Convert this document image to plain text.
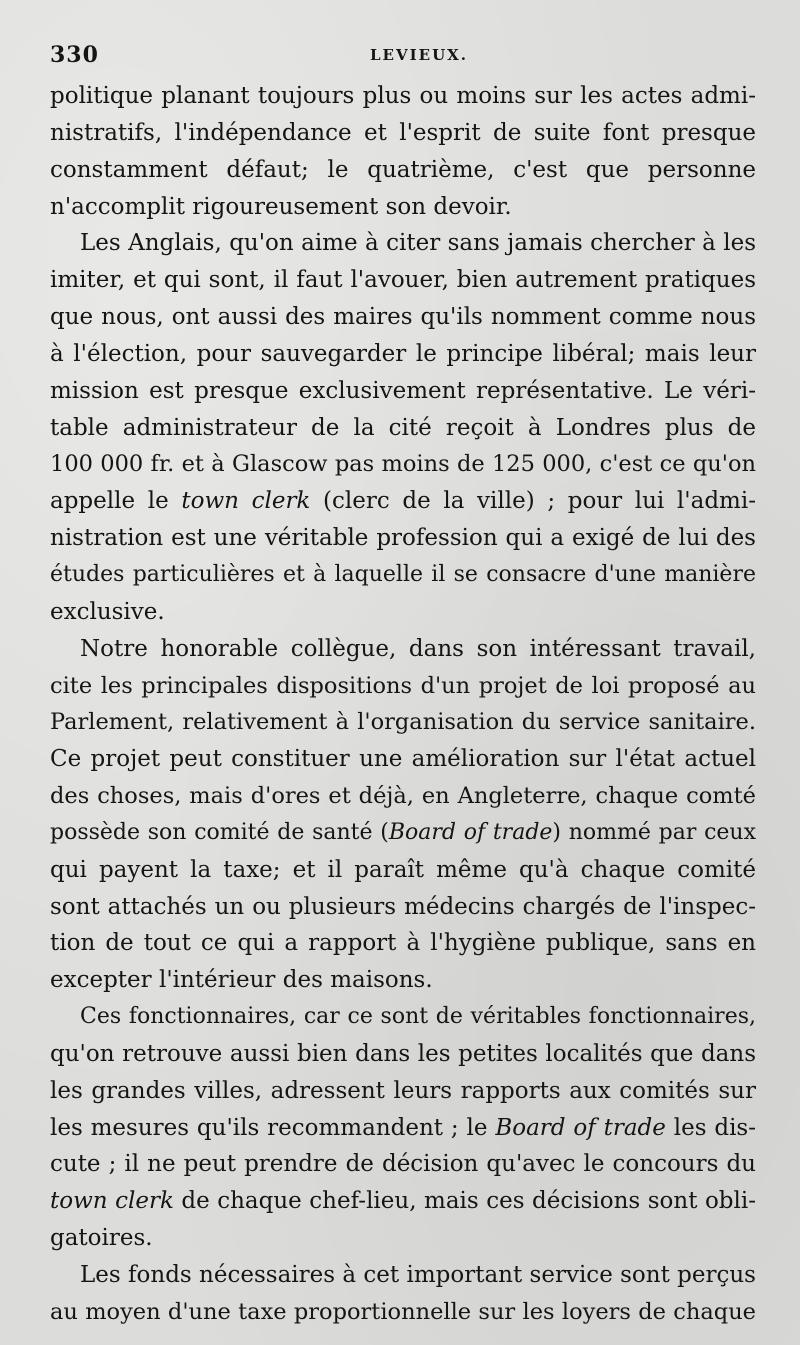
330	LEVIEUX.
politique planant toujours plus ou moins sur les actes admi-
nistratifs, l'indépendance et l'esprit de suite font presque
constamment défaut; le quatrième, c'est que personne
n'accomplit rigoureusement son devoir.
Les Anglais, qu'on aime à citer sans jamais chercher à les
imiter, et qui sont, il faut l'avouer, bien autrement pratiques
que nous, ont aussi des maires qu'ils nomment comme nous
à l'élection, pour sauvegarder le principe libéral; mais leur
mission est presque exclusivement représentative. Le véri-
table administrateur de la cité reçoit à Londres plus de
100 000 fr. et à Glascow pas moins de 125 000, c'est ce qu'on
appelle le town clerk (clerc de la ville) ; pour lui l'admi-
nistration est une véritable profession qui a exigé de lui des
études particulières et à laquelle il se consacre d'une manière
exclusive.
Notre honorable collègue, dans son intéressant travail,
cite les principales dispositions d'un projet de loi proposé au
Parlement, relativement à l'organisation du service sanitaire.
Ce projet peut constituer une amélioration sur l'état actuel
des choses, mais d'ores et déjà, en Angleterre, chaque comté
possède son comité de santé (Board of trade) nommé par ceux
qui payent la taxe; et il paraît même qu'à chaque comité
sont attachés un ou plusieurs médecins chargés de l'inspec-
tion de tout ce qui a rapport à l'hygiène publique, sans en
excepter l'intérieur des maisons.
Ces fonctionnaires, car ce sont de véritables fonctionnaires,
qu'on retrouve aussi bien dans les petites localités que dans
les grandes villes, adressent leurs rapports aux comités sur
les mesures qu'ils recommandent ; le Board of trade les dis-
cute ; il ne peut prendre de décision qu'avec le concours du
town clerk de chaque chef-lieu, mais ces décisions sont obli-
gatoires.
Les fonds nécessaires à cet important service sont perçus
au moyen d'une taxe proportionnelle sur les loyers de chaque
